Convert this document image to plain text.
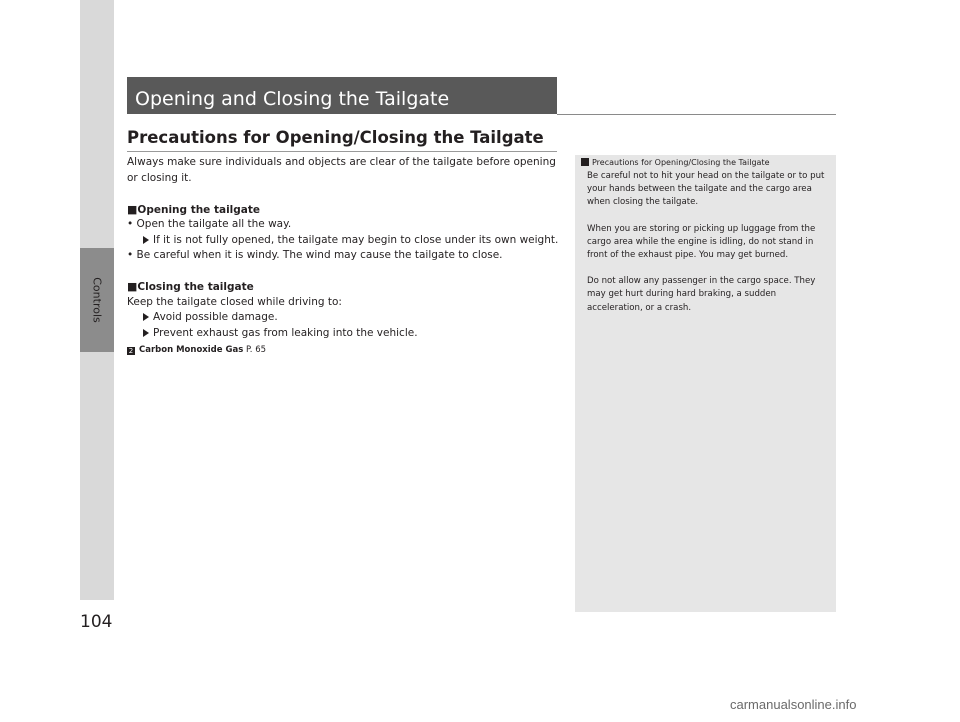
Controls
104
Opening and Closing the Tailgate
Precautions for Opening/Closing the Tailgate

Always make sure individuals and objects are clear of the tailgate before opening or closing it.

■Opening the tailgate
• Open the tailgate all the way.
If it is not fully opened, the tailgate may begin to close under its own weight.
• Be careful when it is windy. The wind may cause the tailgate to close.
■Closing the tailgate
Keep the tailgate closed while driving to:
Avoid possible damage.
Prevent exhaust gas from leaking into the vehicle.
2 Carbon Monoxide Gas P. 65
Precautions for Opening/Closing the Tailgate

Be careful not to hit your head on the tailgate or to put your hands between the tailgate and the cargo area when closing the tailgate.

When you are storing or picking up luggage from the cargo area while the engine is idling, do not stand in front of the exhaust pipe. You may get burned.

Do not allow any passenger in the cargo space. They may get hurt during hard braking, a sudden acceleration, or a crash.

carmanualsonline.info
